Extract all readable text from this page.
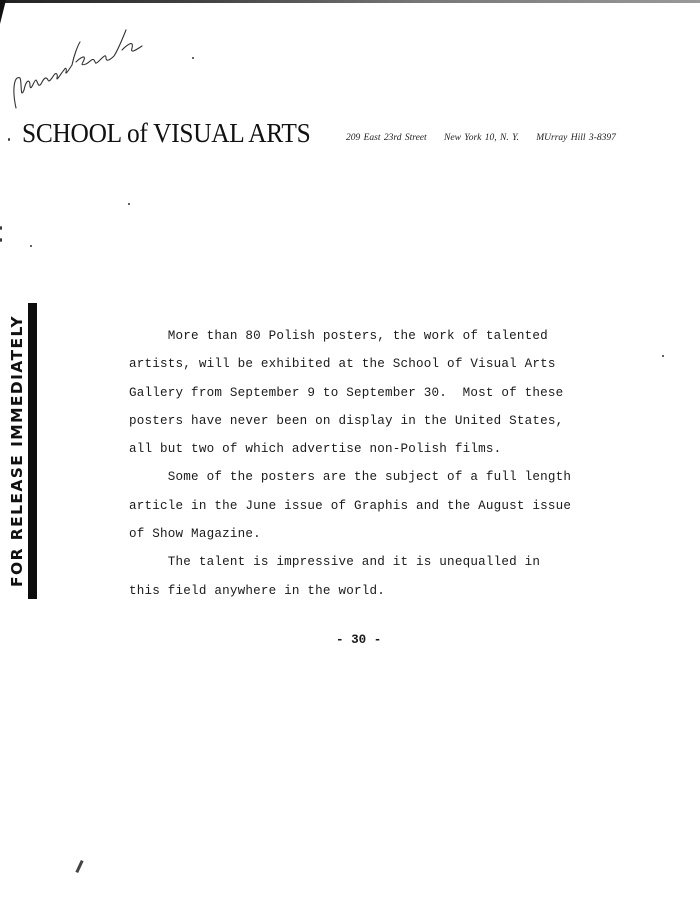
SCHOOL of VISUAL ARTS	209 East 23rd Street New York 10, N. Y. MUrray Hill 3-8397
FOR RELEASE IMMEDIATELY	More than 80 Polish posters, the work of talented
artists, will be exhibited at the School of Visual Arts
Gallery from September 9 to September 30.  Most of these
posters have never been on display in the United States,
all but two of which advertise non-Polish films.
Some of the posters are the subject of a full length
article in the June issue of Graphis and the August issue
of Show Magazine.
The talent is impressive and it is unequalled in
this field anywhere in the world.
- 30 -
